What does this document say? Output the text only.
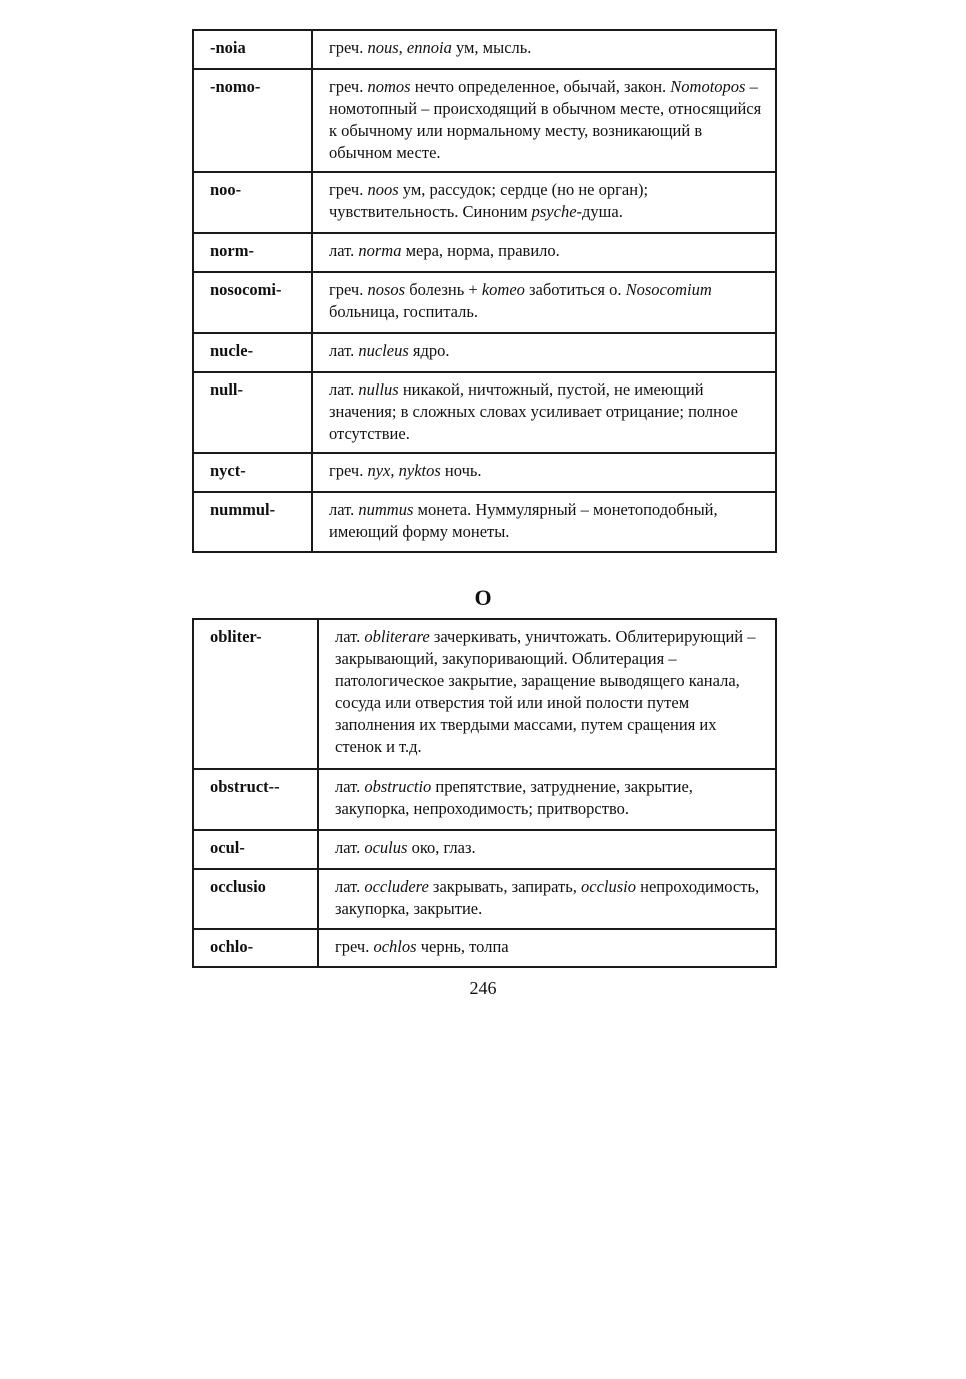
-noia	греч. nous, ennoia ум, мысль.
-nomo-	греч. nomos нечто определенное, обычай, закон. Nomotopos – номотопный – происходящий в обычном месте, относящийся к обычному или нормальному месту, возникающий в обычном месте.
noo-	греч. noos ум, рассудок; сердце (но не орган); чувствительность. Синоним psyche-душа.
norm-	лат. norma мера, норма, правило.
nosocomi-	греч. nosos болезнь + komeo заботиться о. Nosocomium больница, госпиталь.
nucle-	лат. nucleus ядро.
null-	лат. nullus никакой, ничтожный, пустой, не имеющий значения; в сложных словах усиливает отрицание; полное отсутствие.
nyct-	греч. nyx, nyktos ночь.
nummul-	лат. nummus монета. Нуммулярный – монетоподобный, имеющий форму монеты.
O
obliter-	лат. obliterare зачеркивать, уничтожать. Облитерирующий – закрывающий, закупоривающий. Облитерация – патологическое закрытие, заращение выводящего канала, сосуда или отверстия той или иной полости путем заполнения их твердыми массами, путем сращения их стенок и т.д.
obstruct--	лат. obstructio препятствие, затруднение, закрытие, закупорка, непроходимость; притворство.
ocul-	лат. oculus око, глаз.
occlusio	лат. occludere закрывать, запирать, occlusio непроходимость, закупорка, закрытие.
ochlo-	греч. ochlos чернь, толпа
246
